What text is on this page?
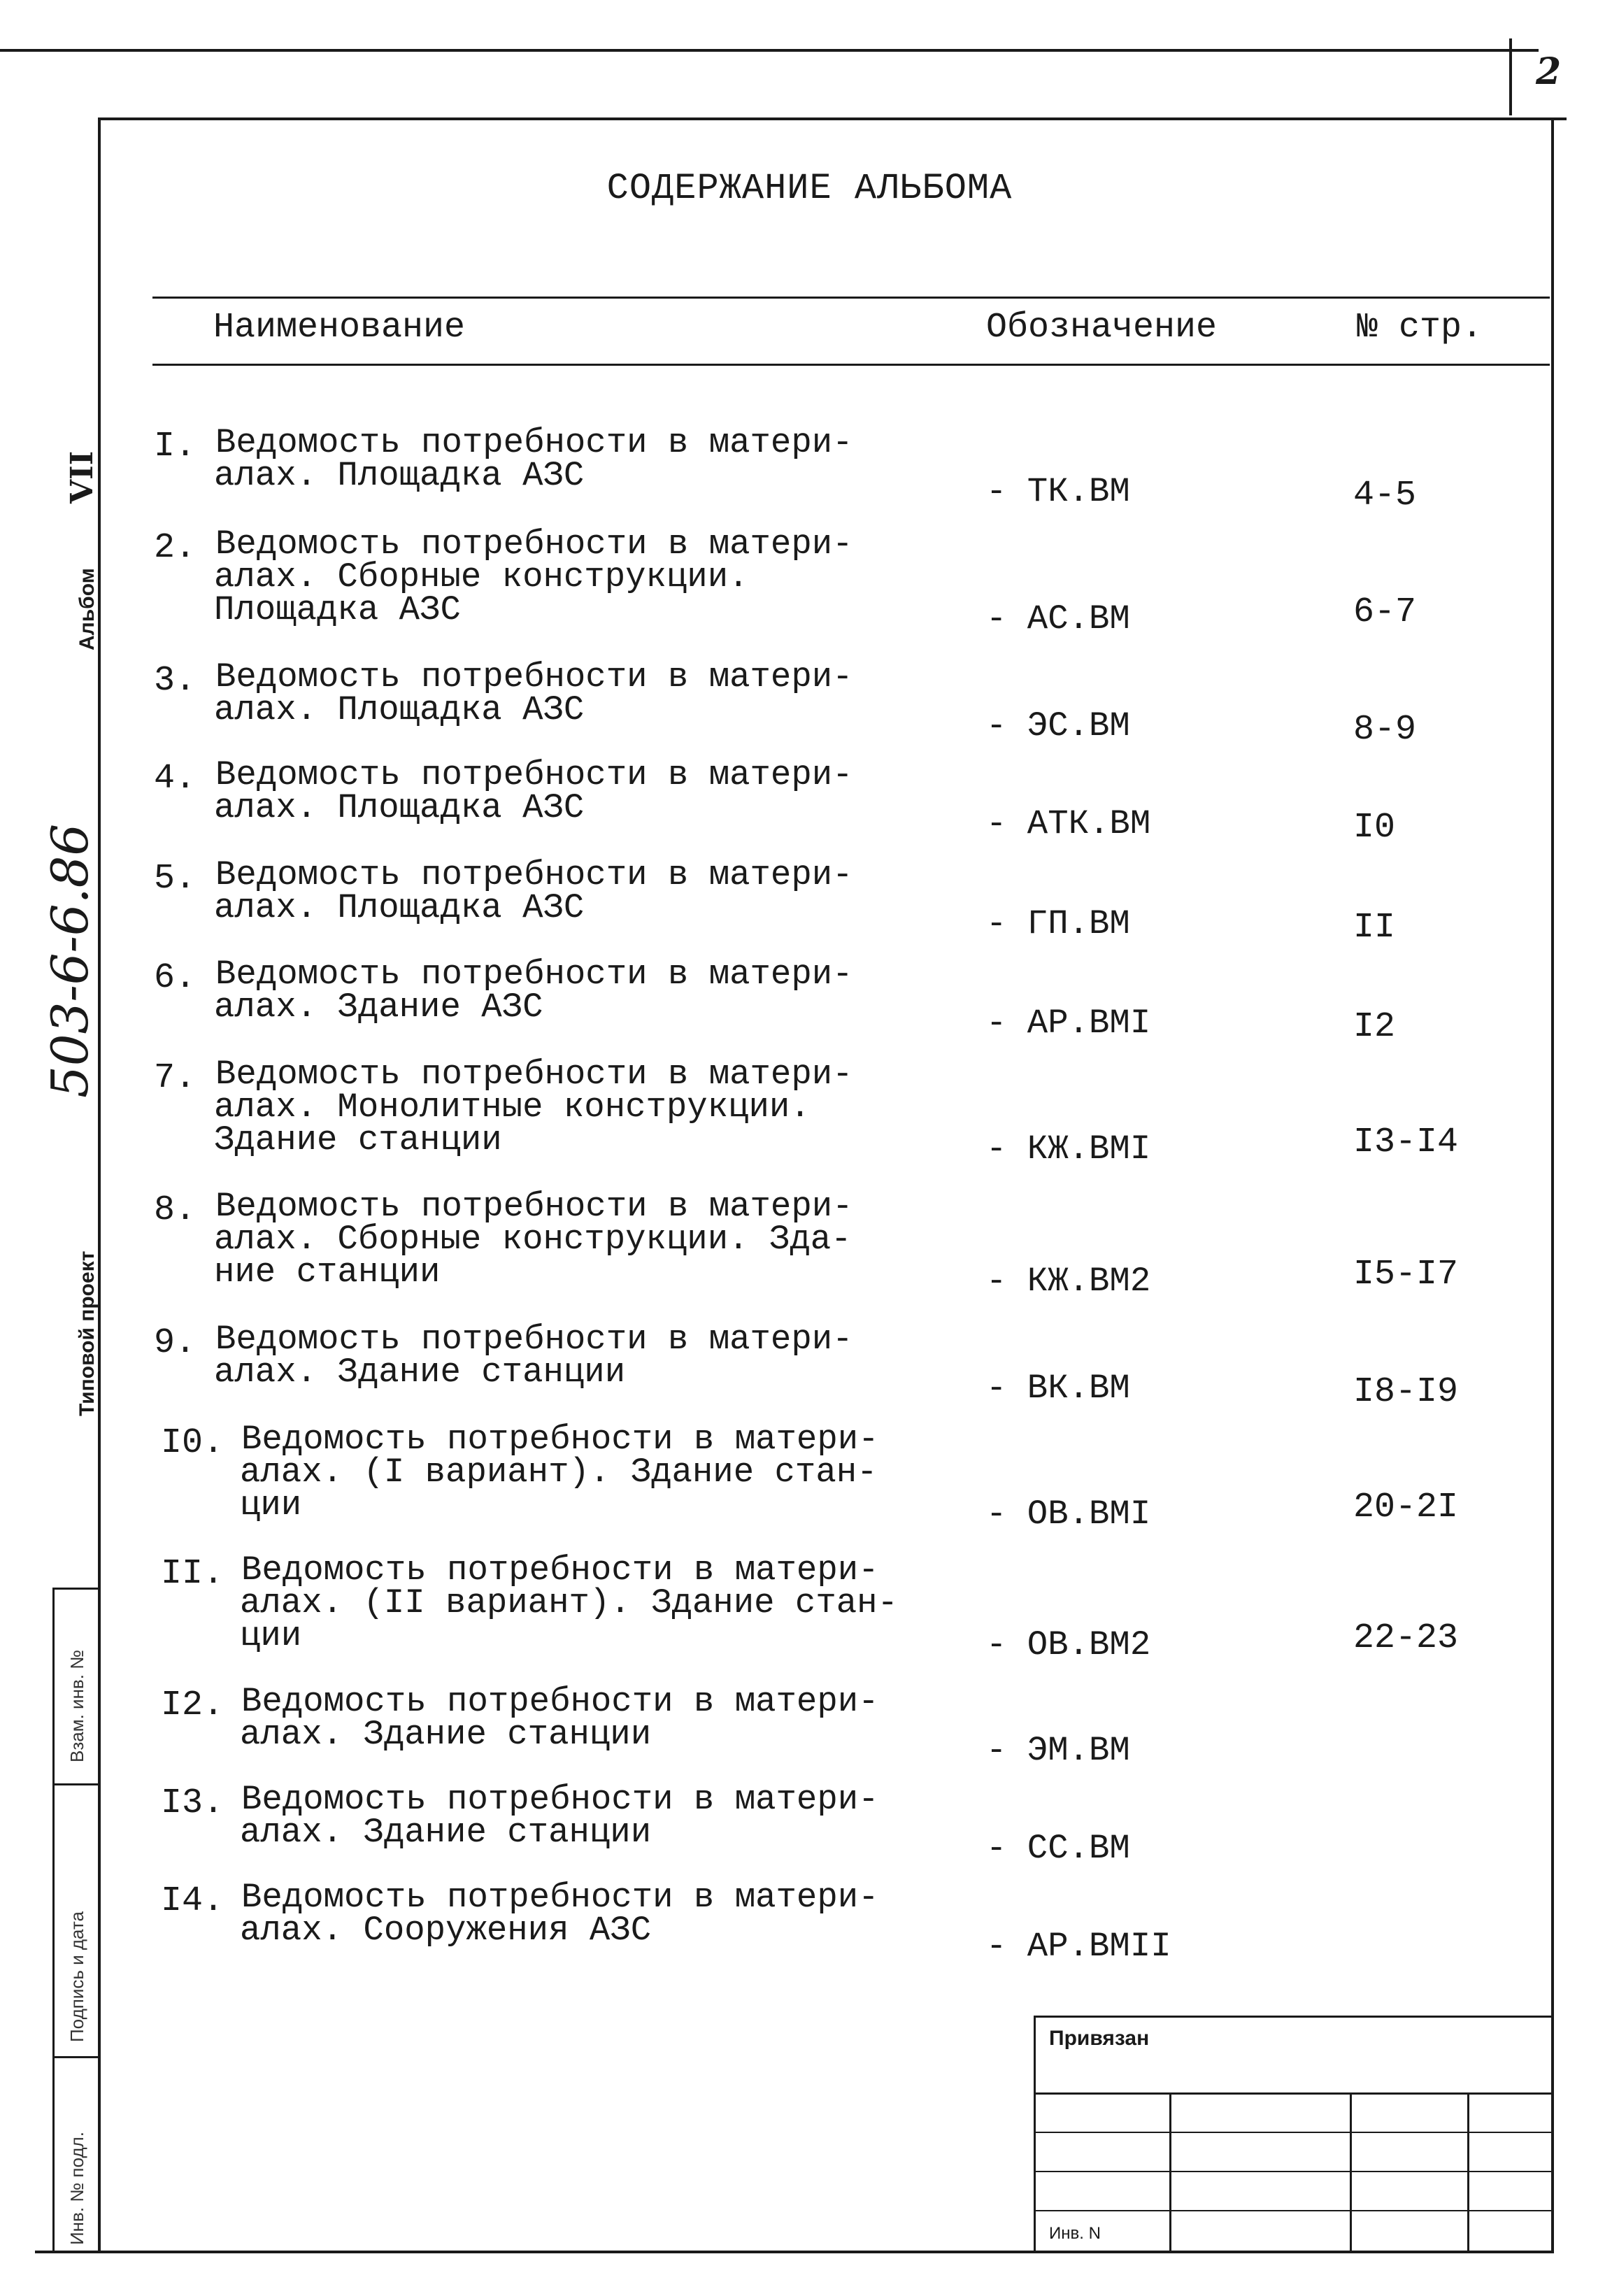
2
СОДЕРЖАНИЕ АЛЬБОМА
Наименование	Обозначение	№ стр.
I. Ведомость потребности в матери-
алах. Площадка АЗС	- ТК.ВМ	4-5
2. Ведомость потребности в матери-
алах. Сборные конструкции.
Площадка АЗС	- АС.ВМ	6-7
3. Ведомость потребности в матери-
алах. Площадка АЗС	- ЭС.ВМ	8-9
4. Ведомость потребности в матери-
алах. Площадка АЗС	- АТК.ВМ	I0
5. Ведомость потребности в матери-
алах. Площадка АЗС	- ГП.ВМ	II
6. Ведомость потребности в матери-
алах. Здание АЗС	- АР.ВМI	I2
7. Ведомость потребности в матери-
алах. Монолитные конструкции.
Здание станции	- КЖ.ВМI	I3-I4
8. Ведомость потребности в матери-
алах. Сборные конструкции. Зда-
ние станции	- КЖ.ВМ2	I5-I7
9. Ведомость потребности в матери-
алах. Здание станции	- ВК.ВМ	I8-I9
I0. Ведомость потребности в матери-
алах. (I вариант). Здание стан-
ции	- ОВ.ВМI	20-2I
II. Ведомость потребности в матери-
алах. (II вариант). Здание стан-
ции	- ОВ.ВМ2	22-23
I2. Ведомость потребности в матери-
алах. Здание станции	- ЭМ.ВМ
I3. Ведомость потребности в матери-
алах. Здание станции	- СС.ВМ
I4. Ведомость потребности в матери-
алах. Сооружения АЗС	- АР.ВМII
Альбом
VII
503-6-6.86
Типовой проект
Инв. № подл.
Подпись и дата
Взам. инв. №
Привязан
Инв. N
